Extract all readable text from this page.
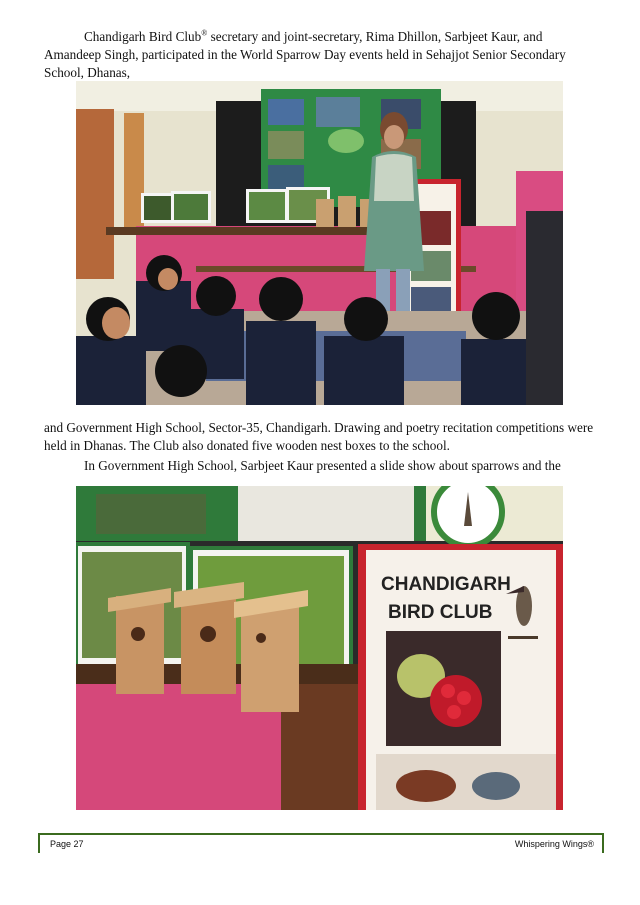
Chandigarh Bird Club® secretary and joint-secretary, Rima Dhillon, Sarbjeet Kaur, and Amandeep Singh, participated in the World Sparrow Day events held in Sehajjot Senior Secondary School, Dhanas,

and Government High School, Sector-35, Chandigarh. Drawing and poetry recitation competitions were held in Dhanas. The Club also donated five wooden nest boxes to the school.

In Government High School, Sarbjeet Kaur presented a slide show about sparrows and the

CHANDIGARH
BIRD CLUB
Page 27	Whispering Wings®
